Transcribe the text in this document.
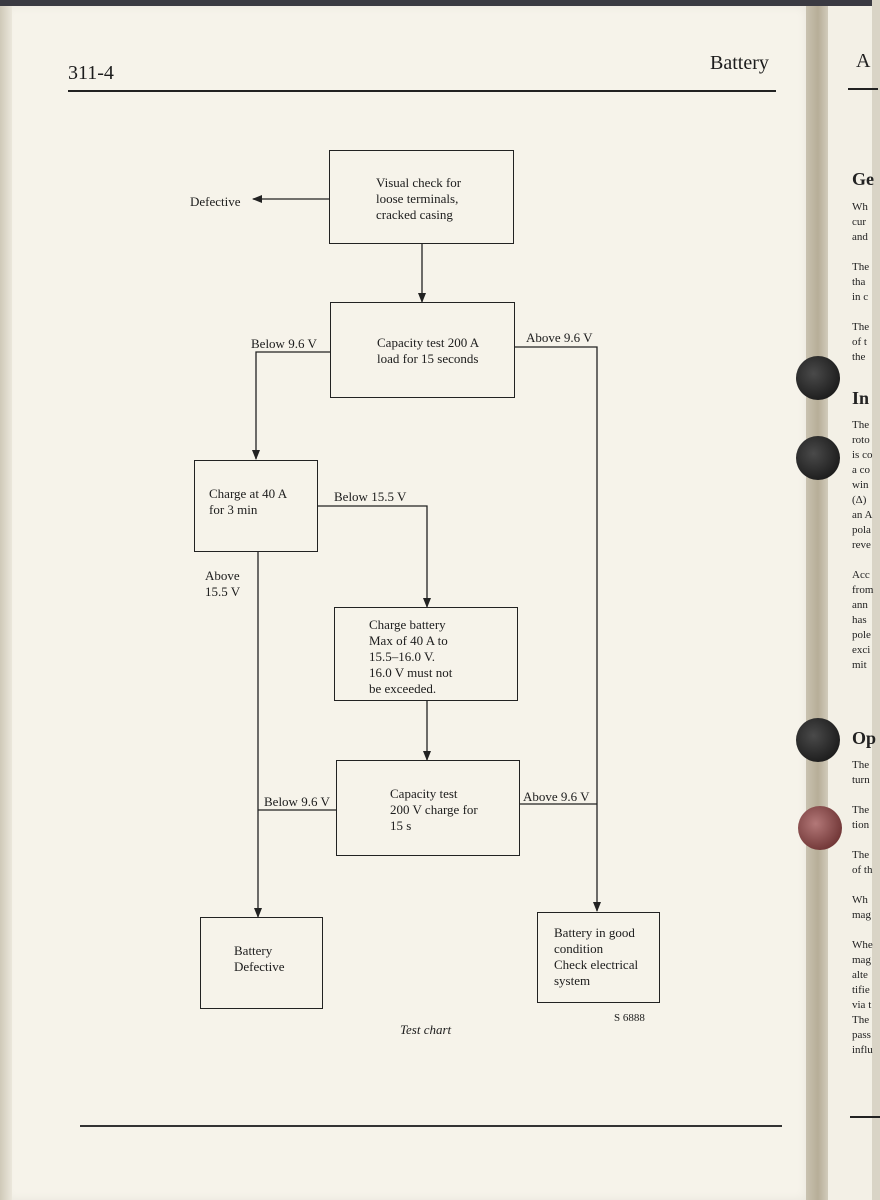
311-4	Battery
Visual check for
loose terminals,
cracked casing
Capacity test 200 A
load for 15 seconds
Charge at 40 A
for 3 min
Charge battery
Max of 40 A to
15.5–16.0 V.
16.0 V must not
be exceeded.
Capacity test
200 V charge for
15 s
Battery
Defective
Battery in good
condition
Check electrical
system
Defective
Below 9.6 V	Above 9.6 V
Below 15.5 V
Above
15.5 V
Below 9.6 V	Above 9.6 V
Test chart
S 6888
A
Ge
Wh
cur
and

The
tha
in c

The
of t
the
In
The
roto
is co
a co
win
(Δ)
an A
pola
reve

Acc
from
ann
has
pole
exci
mit
Op
The
turn

The
tion

The
of th

Wh
mag

Whe
mag
alte
tifie
via t
The
pass
influ
